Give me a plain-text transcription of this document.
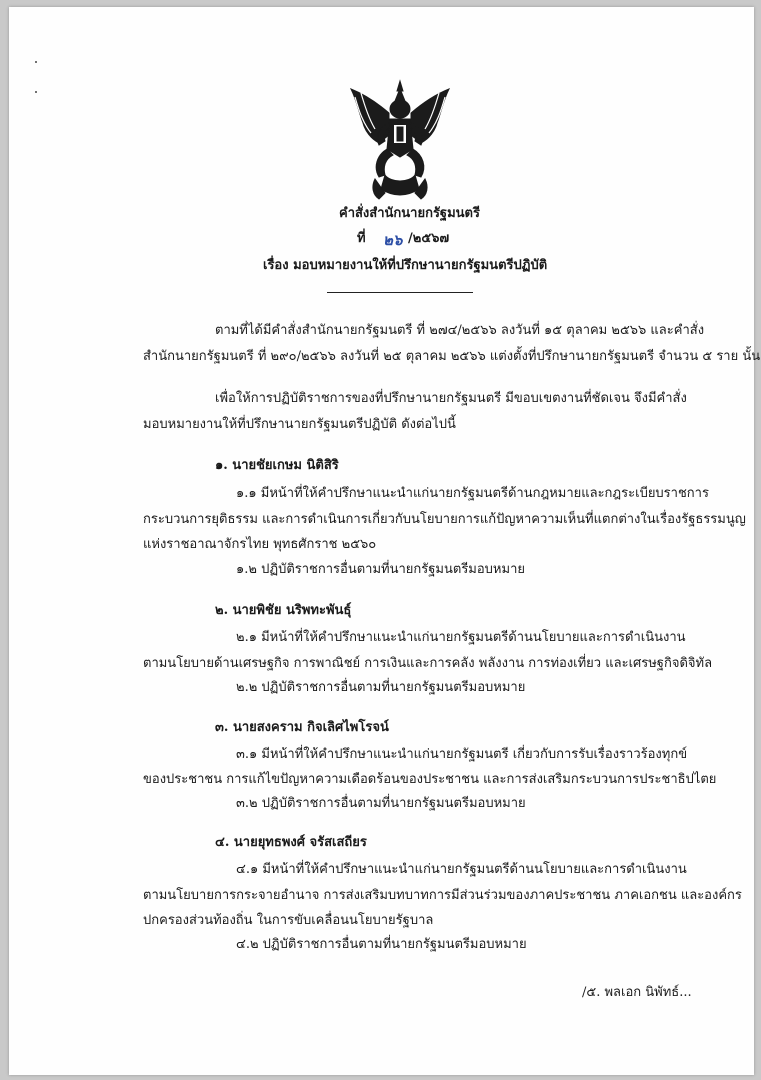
คำสั่งสำนักนายกรัฐมนตรี
ที่ ๒๖ /๒๕๖๗
เรื่อง มอบหมายงานให้ที่ปรึกษานายกรัฐมนตรีปฏิบัติ
ตามที่ได้มีคำสั่งสำนักนายกรัฐมนตรี ที่ ๒๗๔/๒๕๖๖ ลงวันที่ ๑๕ ตุลาคม ๒๕๖๖ และคำสั่ง
สำนักนายกรัฐมนตรี ที่ ๒๙๐/๒๕๖๖ ลงวันที่ ๒๕ ตุลาคม ๒๕๖๖ แต่งตั้งที่ปรึกษานายกรัฐมนตรี จำนวน ๕ ราย นั้น
เพื่อให้การปฏิบัติราชการของที่ปรึกษานายกรัฐมนตรี มีขอบเขตงานที่ชัดเจน จึงมีคำสั่ง
มอบหมายงานให้ที่ปรึกษานายกรัฐมนตรีปฏิบัติ ดังต่อไปนี้
๑. นายชัยเกษม นิติสิริ
๑.๑ มีหน้าที่ให้คำปรึกษาแนะนำแก่นายกรัฐมนตรีด้านกฎหมายและกฎระเบียบราชการ
กระบวนการยุติธรรม และการดำเนินการเกี่ยวกับนโยบายการแก้ปัญหาความเห็นที่แตกต่างในเรื่องรัฐธรรมนูญ
แห่งราชอาณาจักรไทย พุทธศักราช ๒๕๖๐
๑.๒ ปฏิบัติราชการอื่นตามที่นายกรัฐมนตรีมอบหมาย
๒. นายพิชัย นริพทะพันธุ์
๒.๑ มีหน้าที่ให้คำปรึกษาแนะนำแก่นายกรัฐมนตรีด้านนโยบายและการดำเนินงาน
ตามนโยบายด้านเศรษฐกิจ การพาณิชย์ การเงินและการคลัง พลังงาน การท่องเที่ยว และเศรษฐกิจดิจิทัล
๒.๒ ปฏิบัติราชการอื่นตามที่นายกรัฐมนตรีมอบหมาย
๓. นายสงคราม กิจเลิศไพโรจน์
๓.๑ มีหน้าที่ให้คำปรึกษาแนะนำแก่นายกรัฐมนตรี เกี่ยวกับการรับเรื่องราวร้องทุกข์
ของประชาชน การแก้ไขปัญหาความเดือดร้อนของประชาชน และการส่งเสริมกระบวนการประชาธิปไตย
๓.๒ ปฏิบัติราชการอื่นตามที่นายกรัฐมนตรีมอบหมาย
๔. นายยุทธพงศ์ จรัสเสถียร
๔.๑ มีหน้าที่ให้คำปรึกษาแนะนำแก่นายกรัฐมนตรีด้านนโยบายและการดำเนินงาน
ตามนโยบายการกระจายอำนาจ การส่งเสริมบทบาทการมีส่วนร่วมของภาคประชาชน ภาคเอกชน และองค์กร
ปกครองส่วนท้องถิ่น ในการขับเคลื่อนนโยบายรัฐบาล
๔.๒ ปฏิบัติราชการอื่นตามที่นายกรัฐมนตรีมอบหมาย
/๕. พลเอก นิพัทธ์...
